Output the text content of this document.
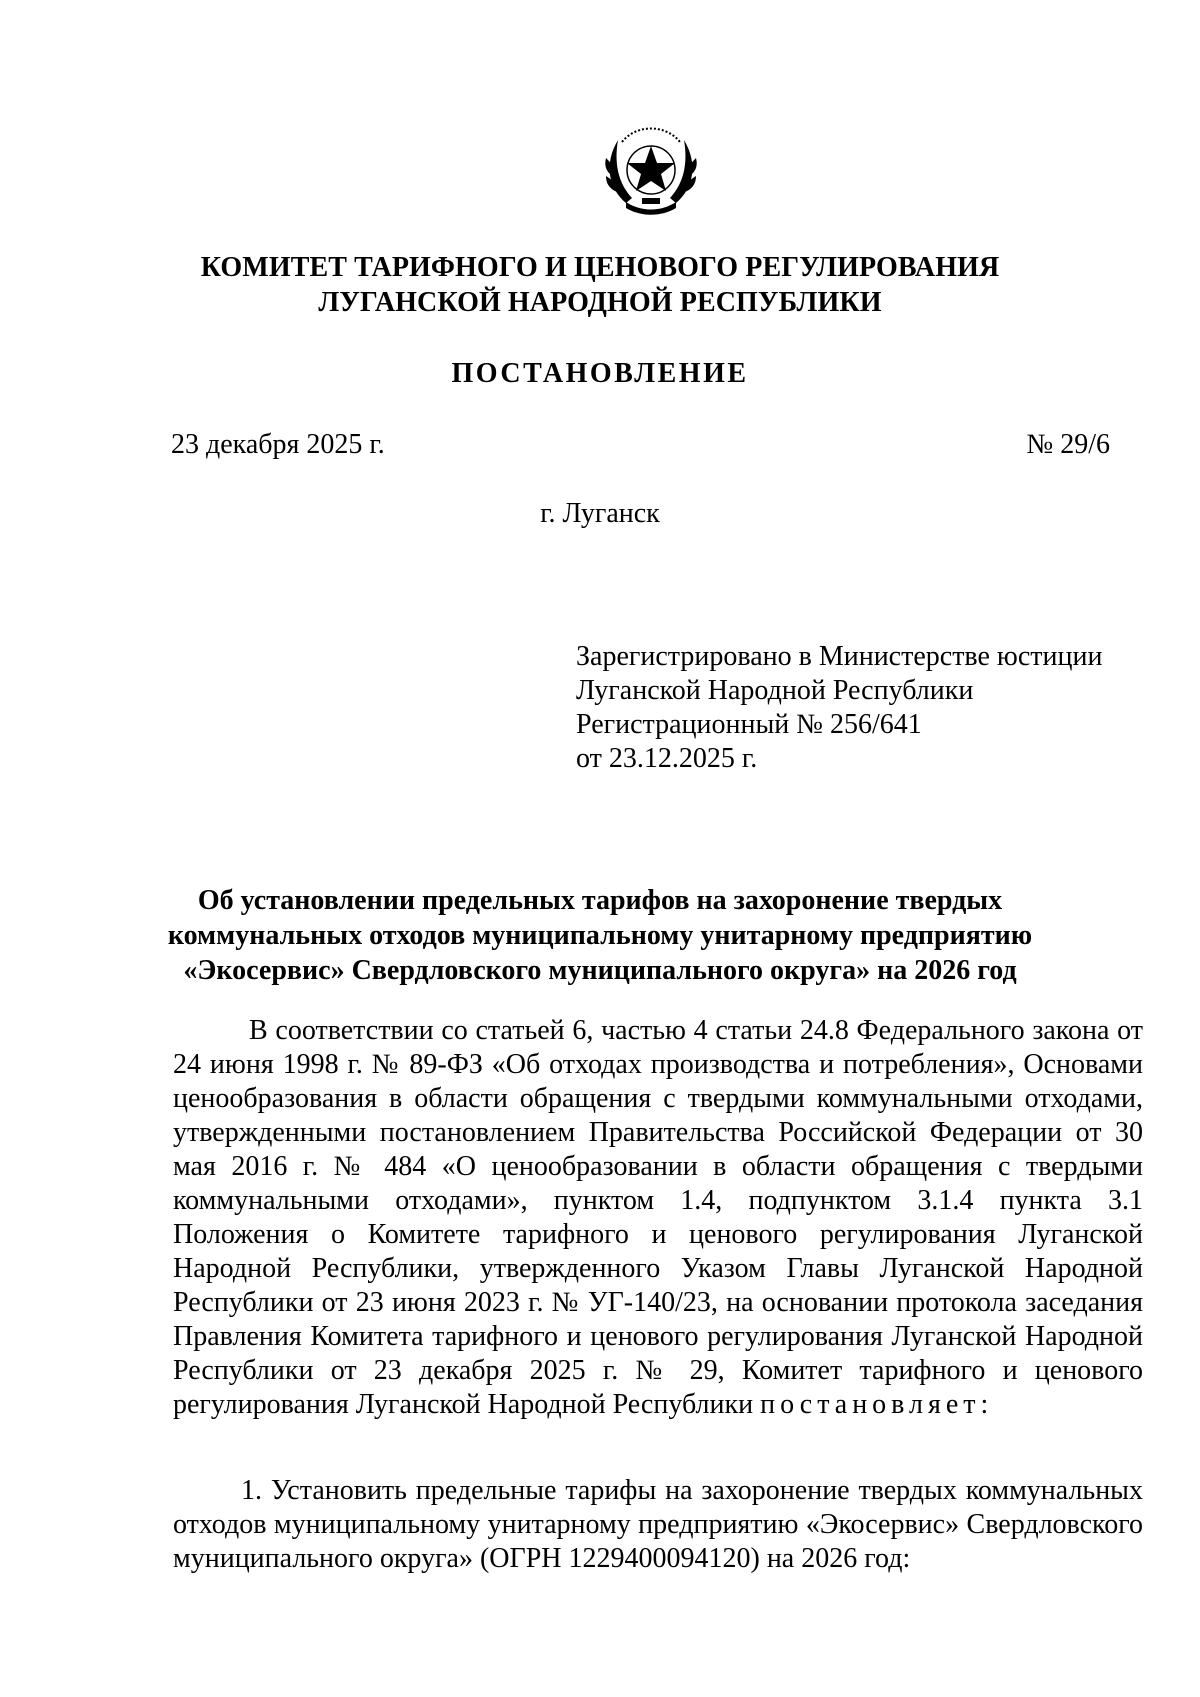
КОМИТЕТ ТАРИФНОГО И ЦЕНОВОГО РЕГУЛИРОВАНИЯ
ЛУГАНСКОЙ НАРОДНОЙ РЕСПУБЛИКИ
ПОСТАНОВЛЕНИЕ
23 декабря 2025 г.	№ 29/6
г. Луганск
Зарегистрировано в Министерстве юстиции
Луганской Народной Республики
Регистрационный № 256/641
от 23.12.2025 г.
Об установлении предельных тарифов на захоронение твердых
коммунальных отходов муниципальному унитарному предприятию
«Экосервис» Свердловского муниципального округа» на 2026 год
В соответствии со статьей 6, частью 4 статьи 24.8 Федерального закона от 24 июня 1998 г. № 89-ФЗ «Об отходах производства и потребления», Основами ценообразования в области обращения с твердыми коммунальными отходами, утвержденными постановлением Правительства Российской Федерации от 30 мая 2016 г. № 484 «О ценообразовании в области обращения с твердыми коммунальными отходами», пунктом 1.4, подпунктом 3.1.4 пункта 3.1 Положения о Комитете тарифного и ценового регулирования Луганской Народной Республики, утвержденного Указом Главы Луганской Народной Республики от 23 июня 2023 г. № УГ-140/23, на основании протокола заседания Правления Комитета тарифного и ценового регулирования Луганской Народной Республики от 23 декабря 2025 г. № 29, Комитет тарифного и ценового регулирования Луганской Народной Республики постановляет:
1. Установить предельные тарифы на захоронение твердых коммунальных отходов муниципальному унитарному предприятию «Экосервис» Свердловского муниципального округа» (ОГРН 1229400094120) на 2026 год:
